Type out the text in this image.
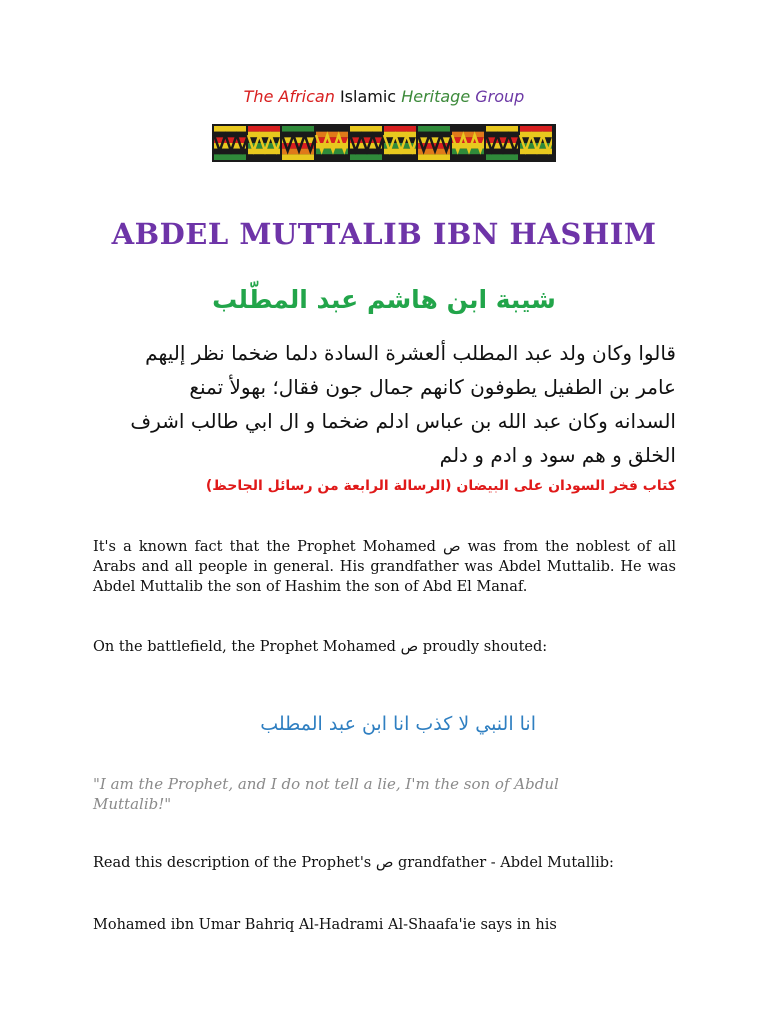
The African Islamic Heritage Group
ABDEL MUTTALIB IBN HASHIM
شيبة ابن هاشم عبد المطّلب
قالوا وكان ولد عبد المطلب ألعشرة السادة دلما ضخما نظر إليهم
عامر بن الطفيل يطوفون كانهم جمال جون فقال؛ بهولأ تمنع
السدانه وكان عبد الله بن عباس ادلم ضخما و ال ابي طالب اشرف
الخلق و هم سود و ادم و دلم
كتاب فخر السودان على البيضان (الرسالة الرابعة من رسائل الجاحظ)
It's a known fact that the Prophet Mohamed ص was from the noblest of all Arabs and all people in general. His grandfather was Abdel Muttalib. He was Abdel Muttalib the son of Hashim the son of Abd El Manaf.
On the battlefield, the Prophet Mohamed ص proudly shouted:
انا النبي لا كذب انا ابن عبد المطلب
"I am the Prophet, and I do not tell a lie, I'm the son of Abdul Muttalib!"
Read this description of the Prophet's ص grandfather - Abdel Mutallib:
Mohamed ibn Umar Bahriq Al-Hadrami Al-Shaafa'ie says in his
